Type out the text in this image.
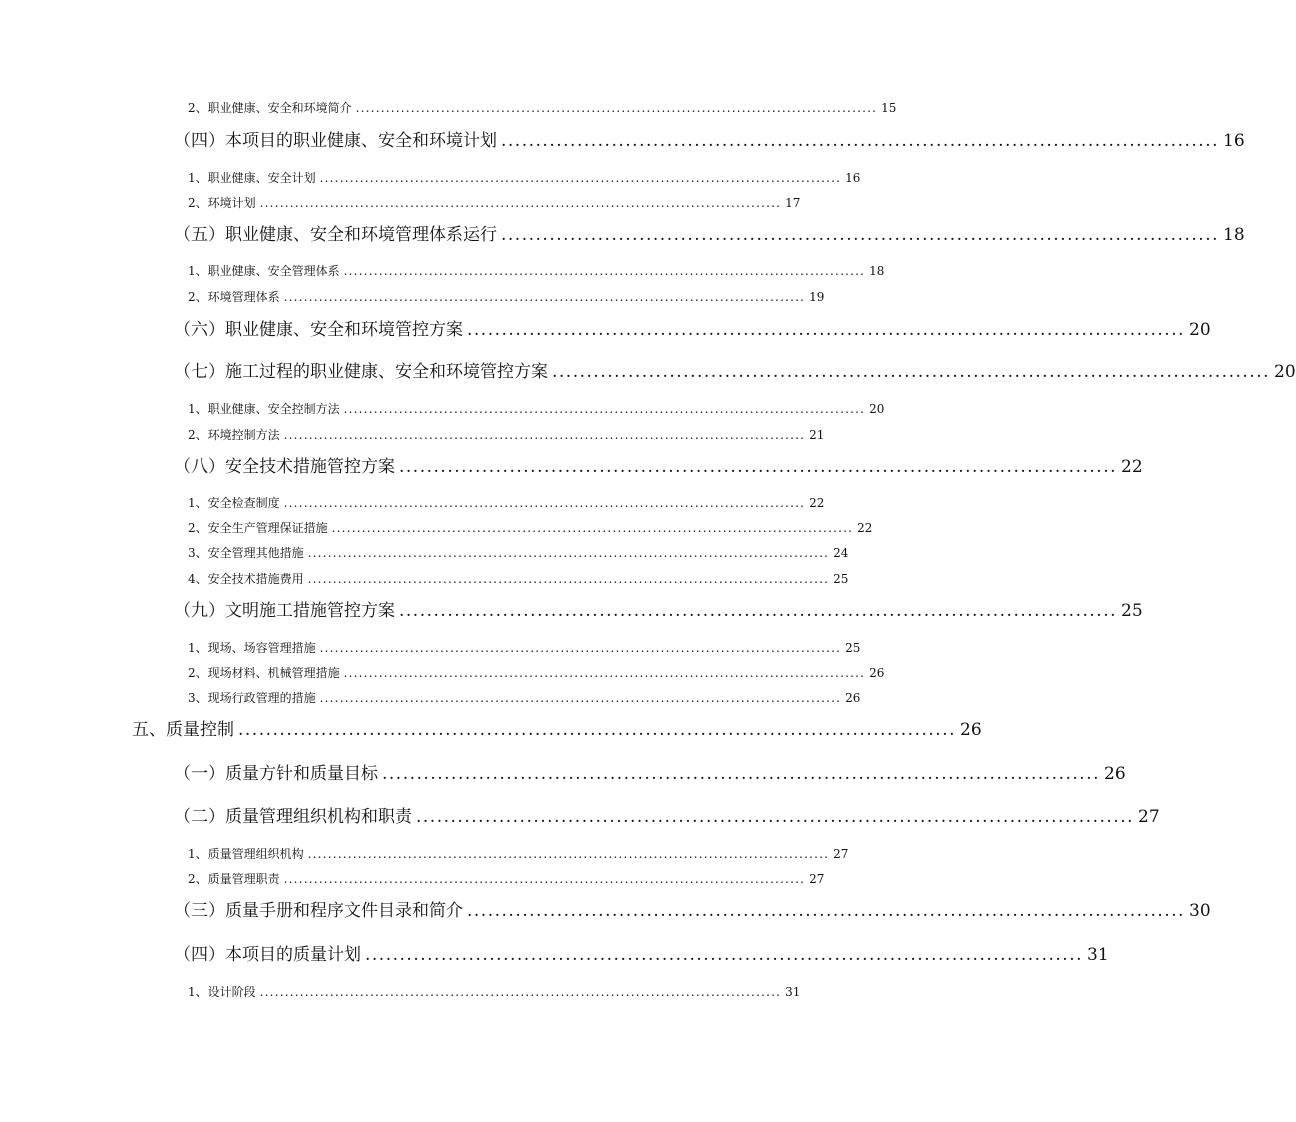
2、职业健康、安全和环境简介 ........................................................................................................ 15
（四）本项目的职业健康、安全和环境计划 ........................................................................................................ 16
1、职业健康、安全计划 ........................................................................................................ 16
2、环境计划 ........................................................................................................ 17
（五）职业健康、安全和环境管理体系运行 ........................................................................................................ 18
1、职业健康、安全管理体系 ........................................................................................................ 18
2、环境管理体系 ........................................................................................................ 19
（六）职业健康、安全和环境管控方案 ........................................................................................................ 20
（七）施工过程的职业健康、安全和环境管控方案 ........................................................................................................ 20
1、职业健康、安全控制方法 ........................................................................................................ 20
2、环境控制方法 ........................................................................................................ 21
（八）安全技术措施管控方案 ........................................................................................................ 22
1、安全检查制度 ........................................................................................................ 22
2、安全生产管理保证措施 ........................................................................................................ 22
3、安全管理其他措施 ........................................................................................................ 24
4、安全技术措施费用 ........................................................................................................ 25
（九）文明施工措施管控方案 ........................................................................................................ 25
1、现场、场容管理措施 ........................................................................................................ 25
2、现场材料、机械管理措施 ........................................................................................................ 26
3、现场行政管理的措施 ........................................................................................................ 26
五、质量控制 ........................................................................................................ 26
（一）质量方针和质量目标 ........................................................................................................ 26
（二）质量管理组织机构和职责 ........................................................................................................ 27
1、质量管理组织机构 ........................................................................................................ 27
2、质量管理职责 ........................................................................................................ 27
（三）质量手册和程序文件目录和简介 ........................................................................................................ 30
（四）本项目的质量计划 ........................................................................................................ 31
1、设计阶段 ........................................................................................................ 31
